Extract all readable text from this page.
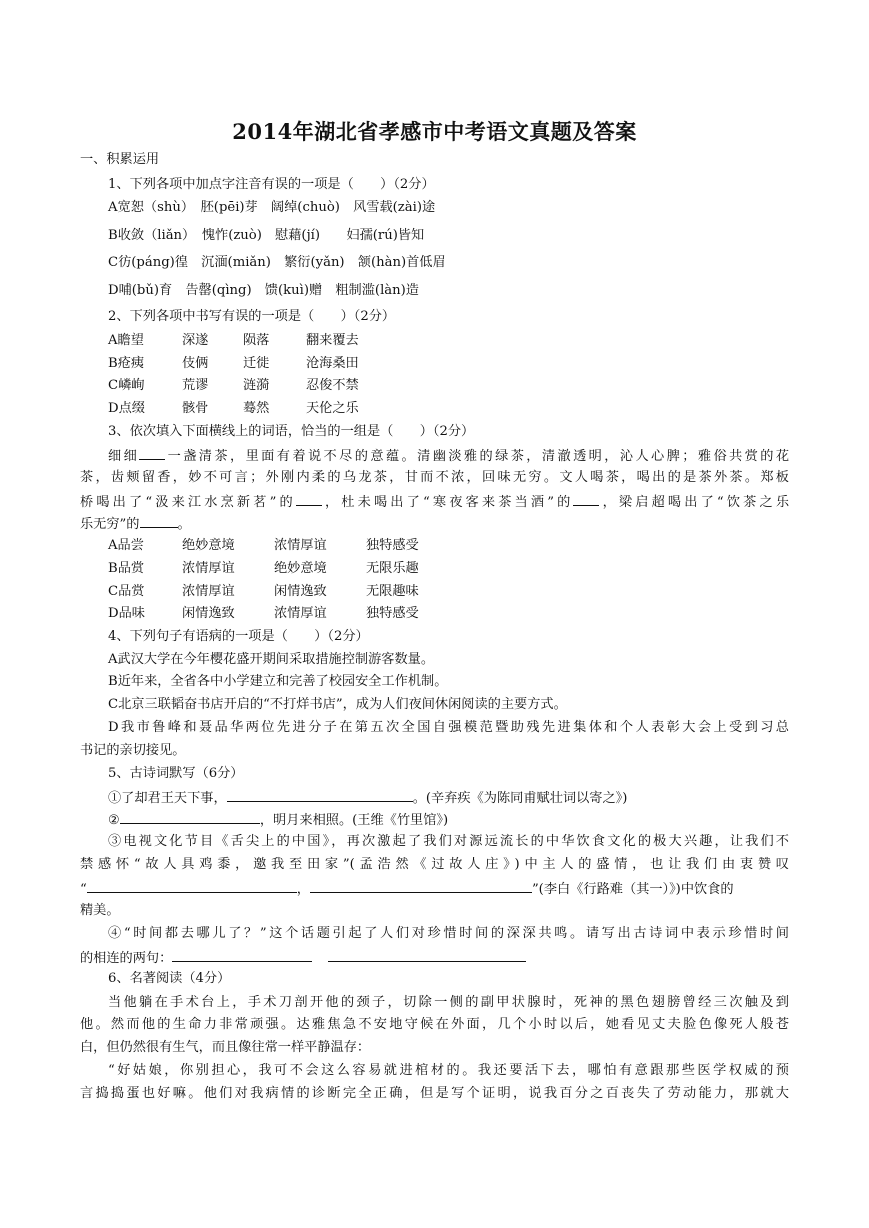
2014年湖北省孝感市中考语文真题及答案
一、积累运用
1、下列各项中加点字注音有误的一项是（　　）（2分）
A宽恕（shù）　胚(pēi)芽　阔绰(chuò)　风雪载(zài)途
B收敛（liǎn）　愧怍(zuò)　慰藉(jí)　　妇孺(rú)皆知
C彷(páng)徨　沉湎(miǎn)　繁衍(yǎn)　颔(hàn)首低眉
D哺(bǔ)育　告罄(qìng)　馈(kuì)赠　粗制滥(làn)造
2、下列各项中书写有误的一项是（　　）（2分）
A瞻望	深遂	陨落	翻来覆去
B疮痍	伎俩	迁徙	沧海桑田
C嶙峋	荒谬	涟漪	忍俊不禁
D点缀	骸骨	蓦然	天伦之乐
3、依次填入下面横线上的词语，恰当的一组是（　　）（2分）
细细 一盏清茶，里面有着说不尽的意蕴。清幽淡雅的绿茶，清澈透明，沁人心脾；雅俗共赏的花
茶，齿颊留香，妙不可言；外刚内柔的乌龙茶，甘而不浓，回味无穷。文人喝茶，喝出的是茶外茶。郑板
桥喝出了“汲来江水烹新茗”的 ，杜未喝出了“寒夜客来茶当酒”的 ，梁启超喝出了“饮茶之乐
乐无穷”的	。
A品尝	绝妙意境	浓情厚谊	独特感受
B品赏	浓情厚谊	绝妙意境	无限乐趣
C品赏	浓情厚谊	闲情逸致	无限趣味
D品味	闲情逸致	浓情厚谊	独特感受
4、下列句子有语病的一项是（　　）（2分）
A武汉大学在今年樱花盛开期间采取措施控制游客数量。
B近年来，全省各中小学建立和完善了校园安全工作机制。
C北京三联韬奋书店开启的“不打烊书店”，成为人们夜间休闲阅读的主要方式。
D我市鲁峰和聂品华两位先进分子在第五次全国自强模范暨助残先进集体和个人表彰大会上受到习总
书记的亲切接见。
5、古诗词默写（6分）
①了却君王天下事，	。(辛弃疾《为陈同甫赋壮词以寄之》)
②	，明月来相照。(王维《竹里馆》)
③电视文化节目《舌尖上的中国》，再次激起了我们对源远流长的中华饮食文化的极大兴趣，让我们不
禁感怀“故人具鸡黍，邀我至田家”(孟浩然《过故人庄》)中主人的盛情，也让我们由衷赞叹
“	，	”(李白《行路难（其一）》)中饮食的
精美。
④“时间都去哪儿了？”这个话题引起了人们对珍惜时间的深深共鸣。请写出古诗词中表示珍惜时间
的相连的两句：
6、名著阅读（4分）
当他躺在手术台上，手术刀剖开他的颈子，切除一侧的副甲状腺时，死神的黑色翅膀曾经三次触及到
他。然而他的生命力非常顽强。达雅焦急不安地守候在外面，几个小时以后，她看见丈夫脸色像死人般苍
白，但仍然很有生气，而且像往常一样平静温存：
“好姑娘，你别担心，我可不会这么容易就进棺材的。我还要活下去，哪怕有意跟那些医学权威的预
言捣捣蛋也好嘛。他们对我病情的诊断完全正确，但是写个证明，说我百分之百丧失了劳动能力，那就大
